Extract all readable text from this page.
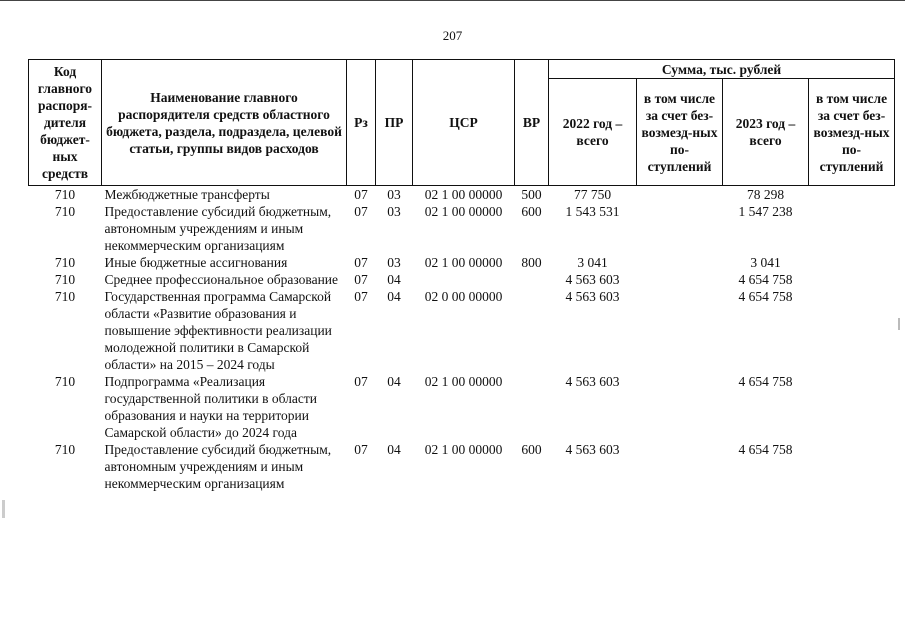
207
Код главного распоря-дителя бюджет-ных средств	Наименование главного распорядителя средств областного бюджета, раздела, подраздела, целевой статьи, группы видов расходов	Рз	ПР	ЦСР	ВР	Сумма, тыс. рублей			
						2022 год – всего	в том числе за счет без-возмезд-ных по-ступлений	2023 год – всего	в том числе за счет без-возмезд-ных по-ступлений
710	Межбюджетные трансферты	07	03	02 1 00 00000	500	77 750		78 298	
710	Предоставление субсидий бюджетным, автономным учреждениям и иным некоммерческим организациям	07	03	02 1 00 00000	600	1 543 531		1 547 238	
710	Иные бюджетные ассигнования	07	03	02 1 00 00000	800	3 041		3 041	
710	Среднее профессиональное образование	07	04			4 563 603		4 654 758	
710	Государственная программа Самарской области «Развитие образования и повышение эффективности реализации молодежной политики в Самарской области» на 2015 – 2024 годы	07	04	02 0 00 00000		4 563 603		4 654 758	
710	Подпрограмма «Реализация государственной политики в области образования и науки на территории Самарской области» до 2024 года	07	04	02 1 00 00000		4 563 603		4 654 758	
710	Предоставление субсидий бюджетным, автономным учреждениям и иным некоммерческим организациям	07	04	02 1 00 00000	600	4 563 603		4 654 758	
